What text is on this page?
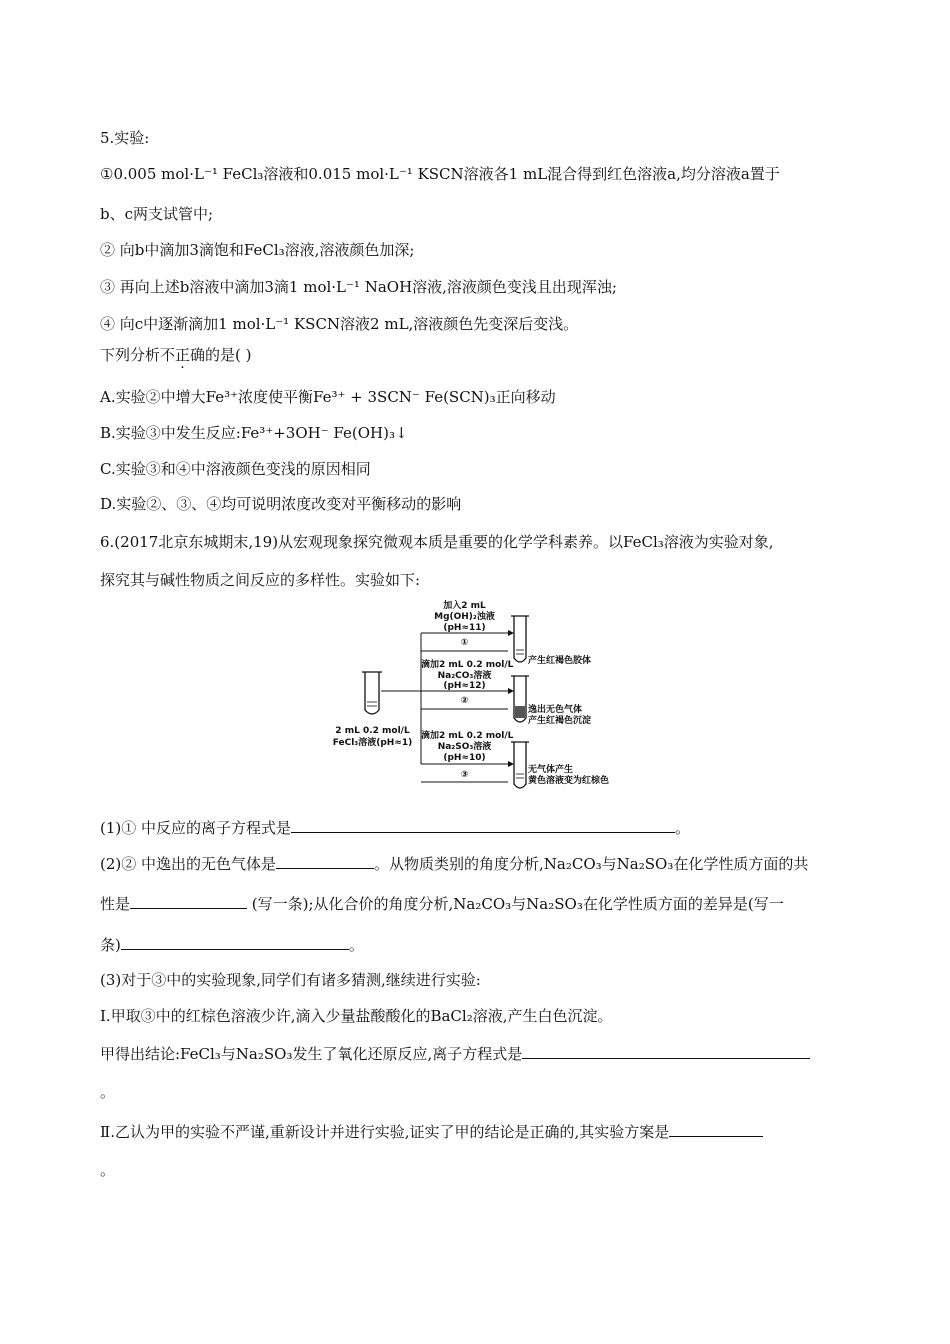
5.实验:
①0.005 mol·L⁻¹ FeCl₃溶液和0.015 mol·L⁻¹ KSCN溶液各1 mL混合得到红色溶液a,均分溶液a置于
b、c两支试管中;
② 向b中滴加3滴饱和FeCl₃溶液,溶液颜色加深;
③ 再向上述b溶液中滴加3滴1 mol·L⁻¹ NaOH溶液,溶液颜色变浅且出现浑浊;
④ 向c中逐渐滴加1 mol·L⁻¹ KSCN溶液2 mL,溶液颜色先变深后变浅。
下列分析不正确的是( )
A.实验②中增大Fe³⁺浓度使平衡Fe³⁺ + 3SCN⁻ Fe(SCN)₃正向移动
B.实验③中发生反应:Fe³⁺+3OH⁻ Fe(OH)₃↓
C.实验③和④中溶液颜色变浅的原因相同
D.实验②、③、④均可说明浓度改变对平衡移动的影响
6.(2017北京东城期末,19)从宏观现象探究微观本质是重要的化学学科素养。以FeCl₃溶液为实验对象,
探究其与碱性物质之间反应的多样性。实验如下:
2 mL 0.2 mol/L
FeCl₃溶液(pH≈1)
加入2 mL
Mg(OH)₂浊液
(pH≈11)
①
产生红褐色胶体
滴加2 mL 0.2 mol/L
Na₂CO₃溶液
(pH≈12)
②
逸出无色气体
产生红褐色沉淀
滴加2 mL 0.2 mol/L
Na₂SO₃溶液
(pH≈10)
③	无气体产生
黄色溶液变为红棕色
(1)① 中反应的离子方程式是	。
(2)② 中逸出的无色气体是	。从物质类别的角度分析,Na₂CO₃与Na₂SO₃在化学性质方面的共
性是	(写一条);从化合价的角度分析,Na₂CO₃与Na₂SO₃在化学性质方面的差异是(写一
条)	。
(3)对于③中的实验现象,同学们有诸多猜测,继续进行实验:
Ⅰ.甲取③中的红棕色溶液少许,滴入少量盐酸酸化的BaCl₂溶液,产生白色沉淀。
甲得出结论:FeCl₃与Na₂SO₃发生了氧化还原反应,离子方程式是
。
Ⅱ.乙认为甲的实验不严谨,重新设计并进行实验,证实了甲的结论是正确的,其实验方案是
。
